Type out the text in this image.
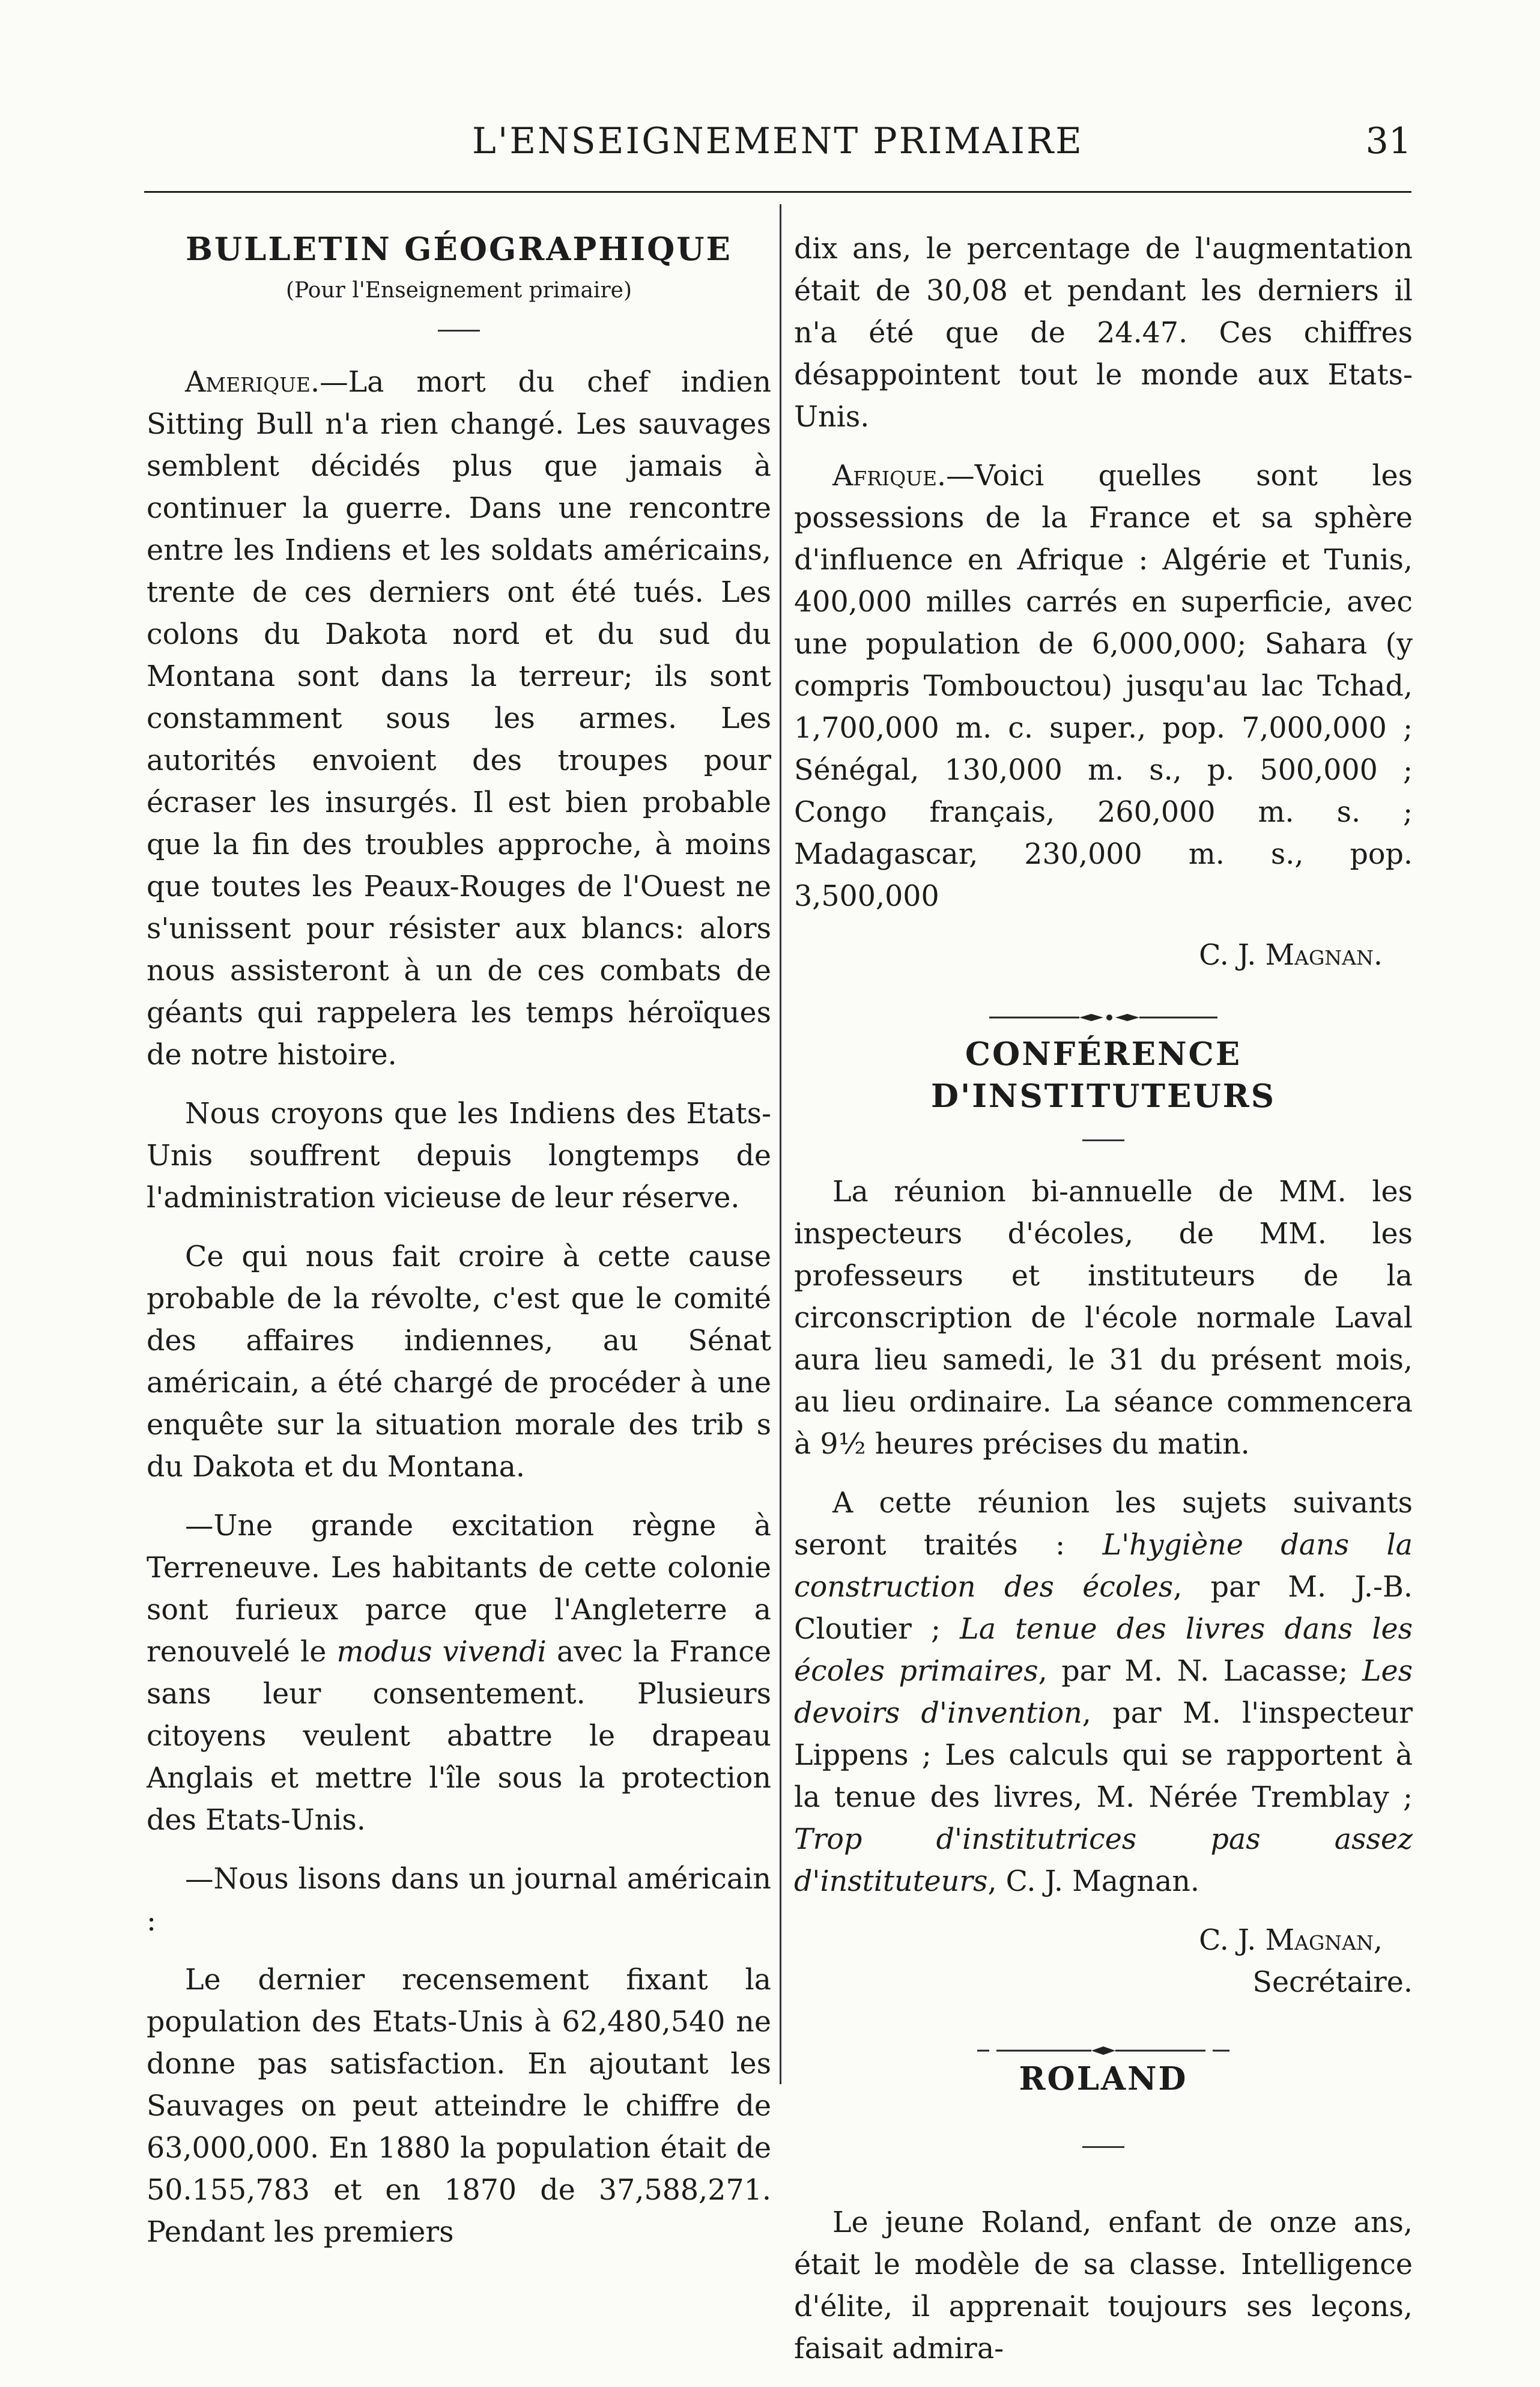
L'ENSEIGNEMENT PRIMAIRE	31
BULLETIN GÉOGRAPHIQUE
(Pour l'Enseignement primaire)

Amerique.—La mort du chef indien Sitting Bull n'a rien changé. Les sauvages semblent décidés plus que jamais à continuer la guerre. Dans une rencontre entre les Indiens et les soldats américains, trente de ces derniers ont été tués. Les colons du Dakota nord et du sud du Montana sont dans la terreur; ils sont constamment sous les armes. Les autorités envoient des troupes pour écraser les insurgés. Il est bien probable que la fin des troubles approche, à moins que toutes les Peaux-Rouges de l'Ouest ne s'unissent pour résister aux blancs: alors nous assisteront à un de ces combats de géants qui rappelera les temps héroïques de notre histoire.

Nous croyons que les Indiens des Etats-Unis souffrent depuis longtemps de l'administration vicieuse de leur réserve.

Ce qui nous fait croire à cette cause probable de la révolte, c'est que le comité des affaires indiennes, au Sénat américain, a été chargé de procéder à une enquête sur la situation morale des trib s du Dakota et du Montana.

—Une grande excitation règne à Terreneuve. Les habitants de cette colonie sont furieux parce que l'Angleterre a renouvelé le modus vivendi avec la France sans leur consentement. Plusieurs citoyens veulent abattre le drapeau Anglais et mettre l'île sous la protection des Etats-Unis.

—Nous lisons dans un journal américain :

Le dernier recensement fixant la population des Etats-Unis à 62,480,540 ne donne pas satisfaction. En ajoutant les Sauvages on peut atteindre le chiffre de 63,000,000. En 1880 la population était de 50.155,783 et en 1870 de 37,588,271. Pendant les premiers

dix ans, le percentage de l'augmentation était de 30,08 et pendant les derniers il n'a été que de 24.47. Ces chiffres désappointent tout le monde aux Etats-Unis.

Afrique.—Voici quelles sont les possessions de la France et sa sphère d'influence en Afrique : Algérie et Tunis, 400,000 milles carrés en superficie, avec une population de 6,000,000; Sahara (y compris Tombouctou) jusqu'au lac Tchad, 1,700,000 m. c. super., pop. 7,000,000 ; Sénégal, 130,000 m. s., p. 500,000 ; Congo français, 260,000 m. s. ; Madagascar, 230,000 m. s., pop. 3,500,000

C. J. Magnan.
CONFÉRENCE D'INSTITUTEURS

La réunion bi-annuelle de MM. les inspecteurs d'écoles, de MM. les professeurs et instituteurs de la circonscription de l'école normale Laval aura lieu samedi, le 31 du présent mois, au lieu ordinaire. La séance commencera à 9½ heures précises du matin.

A cette réunion les sujets suivants seront traités : L'hygiène dans la construction des écoles, par M. J.-B. Cloutier ; La tenue des livres dans les écoles primaires, par M. N. Lacasse; Les devoirs d'invention, par M. l'inspecteur Lippens ; Les calculs qui se rapportent à la tenue des livres, M. Nérée Tremblay ; Trop d'institutrices pas assez d'instituteurs, C. J. Magnan.

C. J. Magnan,
Secrétaire.
ROLAND

Le jeune Roland, enfant de onze ans, était le modèle de sa classe. Intelligence d'élite, il apprenait toujours ses leçons, faisait admira-
